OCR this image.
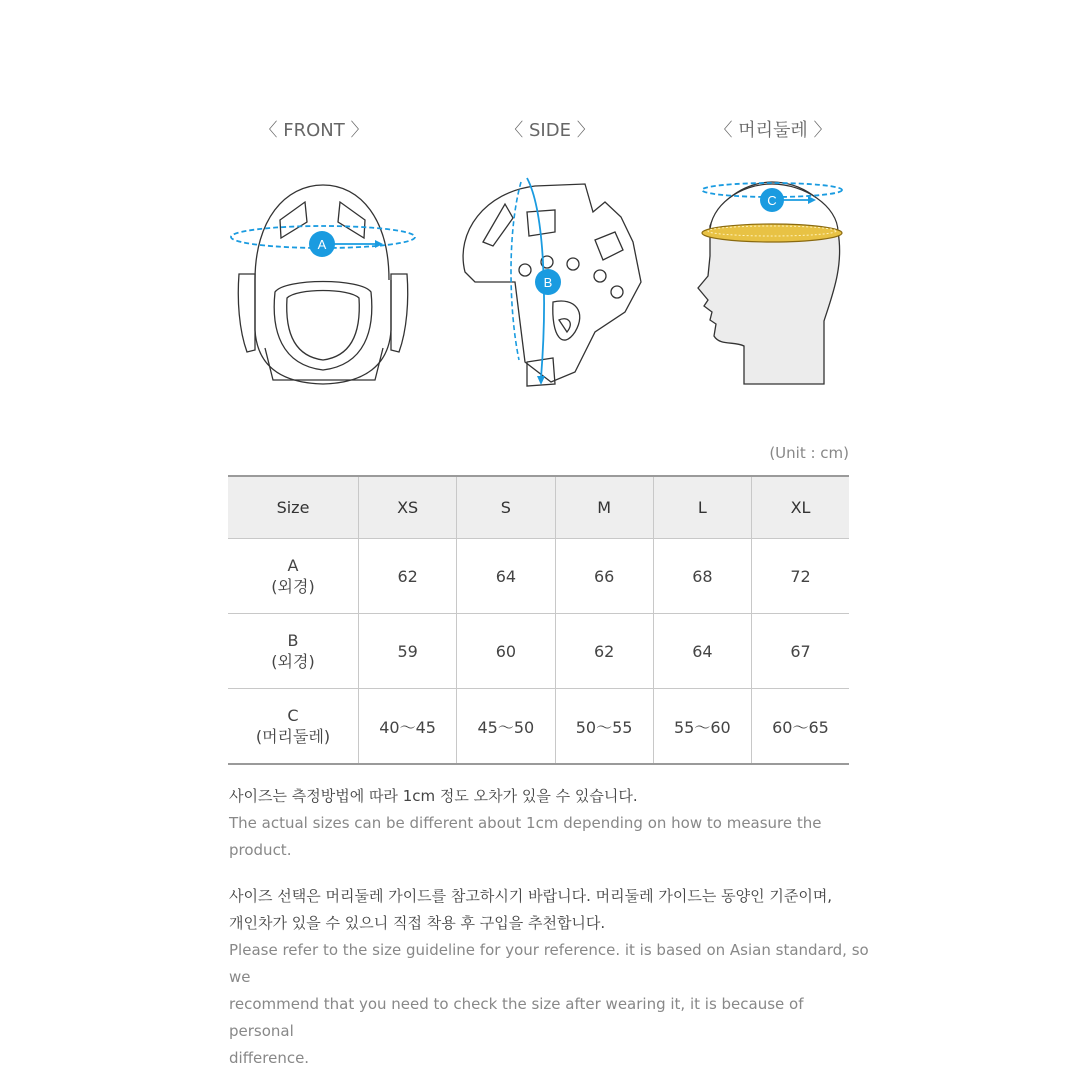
〈 FRONT 〉	〈 SIDE 〉	〈 머리둘레 〉
A
B
C
(Unit : cm)
Size	XS	S	M	L	XL

A
(외경)	62	64	66	68	72

B
(외경)	59	60	62	64	67

C
(머리둘레)	40～45	45～50	50～55	55～60	60～65
사이즈는 측정방법에 따라 1cm 정도 오차가 있을 수 있습니다.
The actual sizes can be different about 1cm depending on how to measure the product.
사이즈 선택은 머리둘레 가이드를 참고하시기 바랍니다. 머리둘레 가이드는 동양인 기준이며,
개인차가 있을 수 있으니 직접 착용 후 구입을 추천합니다.
Please refer to the size guideline for your reference. it is based on Asian standard, so we
recommend that you need to check the size after wearing it, it is because of personal
difference.
